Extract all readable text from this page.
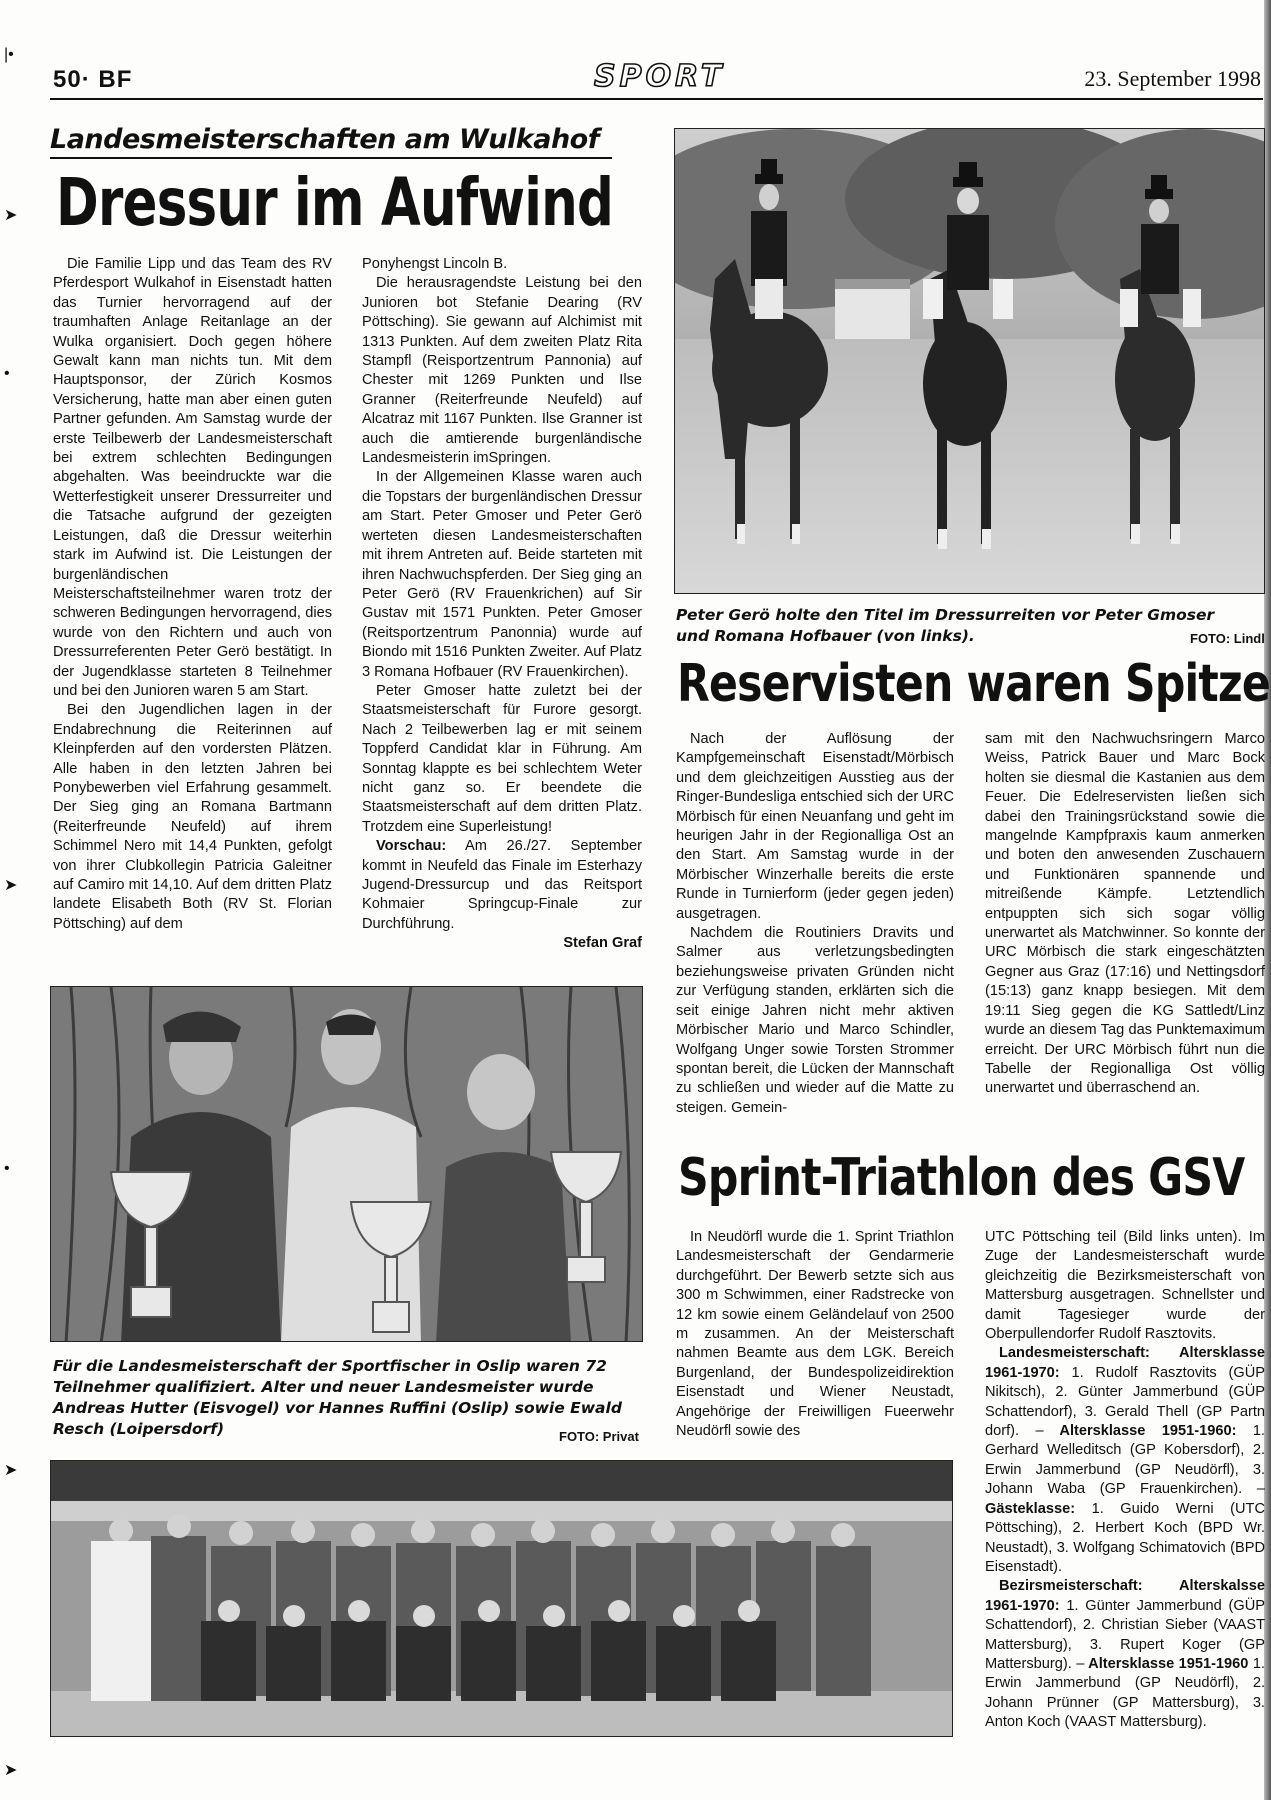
50· BF	SPORT	23. September 1998
Landesmeisterschaften am Wulkahof
Dressur im Aufwind

Die Familie Lipp und das Team des RV Pferdesport Wulkahof in Eisenstadt hatten das Turnier hervorragend auf der traumhaften Anlage Reitanlage an der Wulka organisiert. Doch gegen höhere Gewalt kann man nichts tun. Mit dem Hauptsponsor, der Zürich Kosmos Versicherung, hatte man aber einen guten Partner gefunden. Am Samstag wurde der erste Teilbewerb der Landesmeisterschaft bei extrem schlechten Bedingungen abgehalten. Was beeindruckte war die Wetterfestigkeit unserer Dressurreiter und die Tatsache aufgrund der gezeigten Leistungen, daß die Dressur weiterhin stark im Aufwind ist. Die Leistungen der burgenländischen Meisterschaftsteilnehmer waren trotz der schweren Bedingungen hervorragend, dies wurde von den Richtern und auch von Dressurreferenten Peter Gerö bestätigt. In der Jugendklasse starteten 8 Teilnehmer und bei den Junioren waren 5 am Start.

Bei den Jugendlichen lagen in der Endabrechnung die Reiterinnen auf Kleinpferden auf den vordersten Plätzen. Alle haben in den letzten Jahren bei Ponybewerben viel Erfahrung gesammelt. Der Sieg ging an Romana Bartmann (Reiterfreunde Neufeld) auf ihrem Schimmel Nero mit 14,4 Punkten, gefolgt von ihrer Clubkollegin Patricia Galeitner auf Camiro mit 14,10. Auf dem dritten Platz landete Elisabeth Both (RV St. Florian Pöttsching) auf dem

Ponyhengst Lincoln B.

Die herausragendste Leistung bei den Junioren bot Stefanie Dearing (RV Pöttsching). Sie gewann auf Alchimist mit 1313 Punkten. Auf dem zweiten Platz Rita Stampfl (Reisportzentrum Pannonia) auf Chester mit 1269 Punkten und Ilse Granner (Reiterfreunde Neufeld) auf Alcatraz mit 1167 Punkten. Ilse Granner ist auch die amtierende burgenländische Landesmeisterin imSpringen.

In der Allgemeinen Klasse waren auch die Topstars der burgenländischen Dressur am Start. Peter Gmoser und Peter Gerö werteten diesen Landesmeisterschaften mit ihrem Antreten auf. Beide starteten mit ihren Nachwuchspferden. Der Sieg ging an Peter Gerö (RV Frauenkrichen) auf Sir Gustav mit 1571 Punkten. Peter Gmoser (Reitsportzentrum Panonnia) wurde auf Biondo mit 1516 Punkten Zweiter. Auf Platz 3 Romana Hofbauer (RV Frauenkirchen).

Peter Gmoser hatte zuletzt bei der Staatsmeisterschaft für Furore gesorgt. Nach 2 Teilbewerben lag er mit seinem Toppferd Candidat klar in Führung. Am Sonntag klappte es bei schlechtem Weter nicht ganz so. Er beendete die Staatsmeisterschaft auf dem dritten Platz. Trotzdem eine Superleistung!

Vorschau: Am 26./27. September kommt in Neufeld das Finale im Esterhazy Jugend-Dressurcup und das Reitsport Kohmaier Springcup-Finale zur Durchführung.

Stefan Graf

Peter Gerö holte den Titel im Dressurreiten vor Peter Gmoser und Romana Hofbauer (von links).	FOTO: Lindl
Reservisten waren Spitze

Nach der Auflösung der Kampfgemeinschaft Eisenstadt/Mörbisch und dem gleichzeitigen Ausstieg aus der Ringer-Bundesliga entschied sich der URC Mörbisch für einen Neuanfang und geht im heurigen Jahr in der Regionalliga Ost an den Start. Am Samstag wurde in der Mörbischer Winzerhalle bereits die erste Runde in Turnierform (jeder gegen jeden) ausgetragen.

Nachdem die Routiniers Dravits und Salmer aus verletzungsbedingten beziehungsweise privaten Gründen nicht zur Verfügung standen, erklärten sich die seit einige Jahren nicht mehr aktiven Mörbischer Mario und Marco Schindler, Wolfgang Unger sowie Torsten Strommer spontan bereit, die Lücken der Mannschaft zu schließen und wieder auf die Matte zu steigen. Gemein-

sam mit den Nachwuchsringern Marco Weiss, Patrick Bauer und Marc Bock holten sie diesmal die Kastanien aus dem Feuer. Die Edelreservisten ließen sich dabei den Trainingsrückstand sowie die mangelnde Kampfpraxis kaum anmerken und boten den anwesenden Zuschauern und Funktionären spannende und mitreißende Kämpfe. Letztendlich entpuppten sich sich sogar völlig unerwartet als Matchwinner. So konnte der URC Mörbisch die stark eingeschätzten Gegner aus Graz (17:16) und Nettingsdorf (15:13) ganz knapp besiegen. Mit dem 19:11 Sieg gegen die KG Sattledt/Linz wurde an diesem Tag das Punktemaximum erreicht. Der URC Mörbisch führt nun die Tabelle der Regionalliga Ost völlig unerwartet und überraschend an.

Für die Landesmeisterschaft der Sportfischer in Oslip waren 72 Teilnehmer qualifiziert. Alter und neuer Landesmeister wurde Andreas Hutter (Eisvogel) vor Hannes Ruffini (Oslip) sowie Ewald Resch (Loipersdorf)	FOTO: Privat
Sprint-Triathlon des GSV

In Neudörfl wurde die 1. Sprint Triathlon Landesmeisterschaft der Gendarmerie durchgeführt. Der Bewerb setzte sich aus 300 m Schwimmen, einer Radstrecke von 12 km sowie einem Geländelauf von 2500 m zusammen. An der Meisterschaft nahmen Beamte aus dem LGK. Bereich Burgenland, der Bundespolizeidirektion Eisenstadt und Wiener Neustadt, Angehörige der Freiwilligen Fueerwehr Neudörfl sowie des

UTC Pöttsching teil (Bild links unten). Im Zuge der Landesmeisterschaft wurde gleichzeitig die Bezirksmeisterschaft von Mattersburg ausgetragen. Schnellster und damit Tagesieger wurde der Oberpullendorfer Rudolf Rasztovits.

Landesmeisterschaft: Altersklasse 1961-1970: 1. Rudolf Rasztovits (GÜP Nikitsch), 2. Günter Jammerbund (GÜP Schattendorf), 3. Gerald Thell (GP Partn dorf). – Altersklasse 1951-1960: 1. Gerhard Welleditsch (GP Kobersdorf), 2. Erwin Jammerbund (GP Neudörfl), 3. Johann Waba (GP Frauenkirchen). – Gästeklasse: 1. Guido Werni (UTC Pöttsching), 2. Herbert Koch (BPD Wr. Neustadt), 3. Wolfgang Schimatovich (BPD Eisenstadt).

Bezirsmeisterschaft: Alterskalsse 1961-1970: 1. Günter Jammerbund (GÜP Schattendorf), 2. Christian Sieber (VAAST Mattersburg), 3. Rupert Koger (GP Mattersburg). – Altersklasse 1951-1960 1. Erwin Jammerbund (GP Neudörfl), 2. Johann Prünner (GP Mattersburg), 3. Anton Koch (VAAST Mattersburg).

|•
➤
•
➤
•
➤
➤
